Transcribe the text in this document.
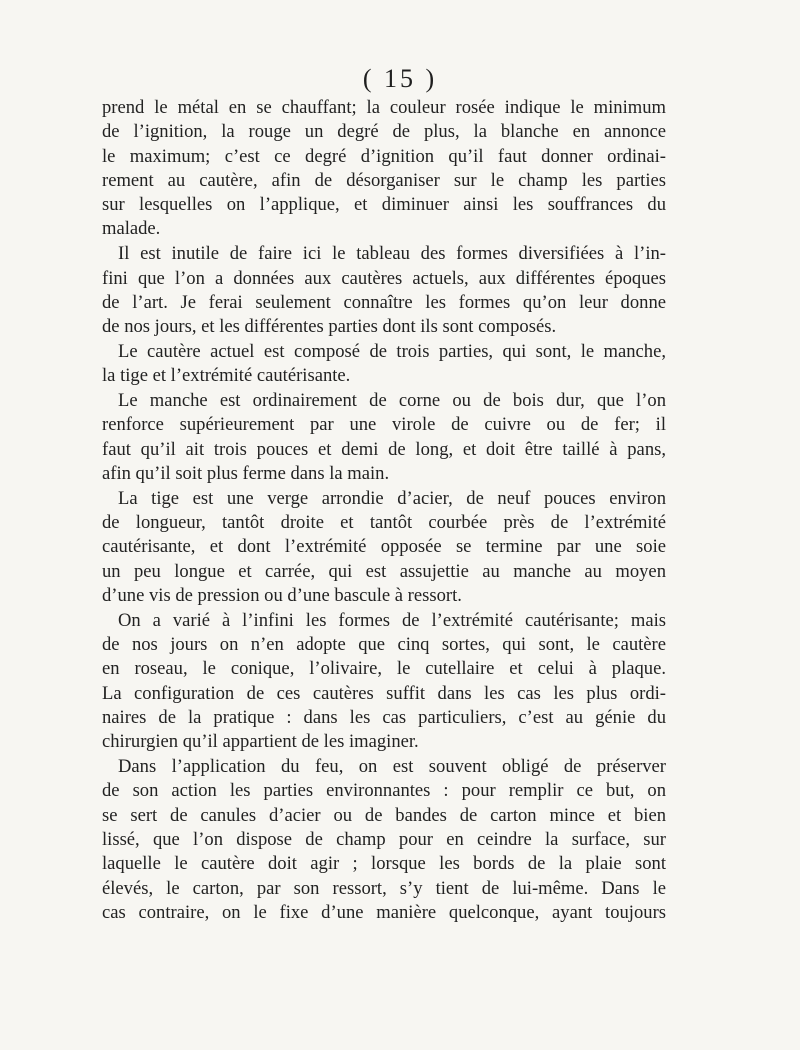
( 15 )
prend le métal en se chauffant; la couleur rosée indique le minimum
de l’ignition, la rouge un degré de plus, la blanche en annonce
le maximum; c’est ce degré d’ignition qu’il faut donner ordinai-
rement au cautère, afin de désorganiser sur le champ les parties
sur lesquelles on l’applique, et diminuer ainsi les souffrances du
malade.
Il est inutile de faire ici le tableau des formes diversifiées à l’in-
fini que l’on a données aux cautères actuels, aux différentes époques
de l’art. Je ferai seulement connaître les formes qu’on leur donne
de nos jours, et les différentes parties dont ils sont composés.
Le cautère actuel est composé de trois parties, qui sont, le manche,
la tige et l’extrémité cautérisante.
Le manche est ordinairement de corne ou de bois dur, que l’on
renforce supérieurement par une virole de cuivre ou de fer; il
faut qu’il ait trois pouces et demi de long, et doit être taillé à pans,
afin qu’il soit plus ferme dans la main.
La tige est une verge arrondie d’acier, de neuf pouces environ
de longueur, tantôt droite et tantôt courbée près de l’extrémité
cautérisante, et dont l’extrémité opposée se termine par une soie
un peu longue et carrée, qui est assujettie au manche au moyen
d’une vis de pression ou d’une bascule à ressort.
On a varié à l’infini les formes de l’extrémité cautérisante; mais
de nos jours on n’en adopte que cinq sortes, qui sont, le cautère
en roseau, le conique, l’olivaire, le cutellaire et celui à plaque.
La configuration de ces cautères suffit dans les cas les plus ordi-
naires de la pratique : dans les cas particuliers, c’est au génie du
chirurgien qu’il appartient de les imaginer.
Dans l’application du feu, on est souvent obligé de préserver
de son action les parties environnantes : pour remplir ce but, on
se sert de canules d’acier ou de bandes de carton mince et bien
lissé, que l’on dispose de champ pour en ceindre la surface, sur
laquelle le cautère doit agir ; lorsque les bords de la plaie sont
élevés, le carton, par son ressort, s’y tient de lui-même. Dans le
cas contraire, on le fixe d’une manière quelconque, ayant toujours
